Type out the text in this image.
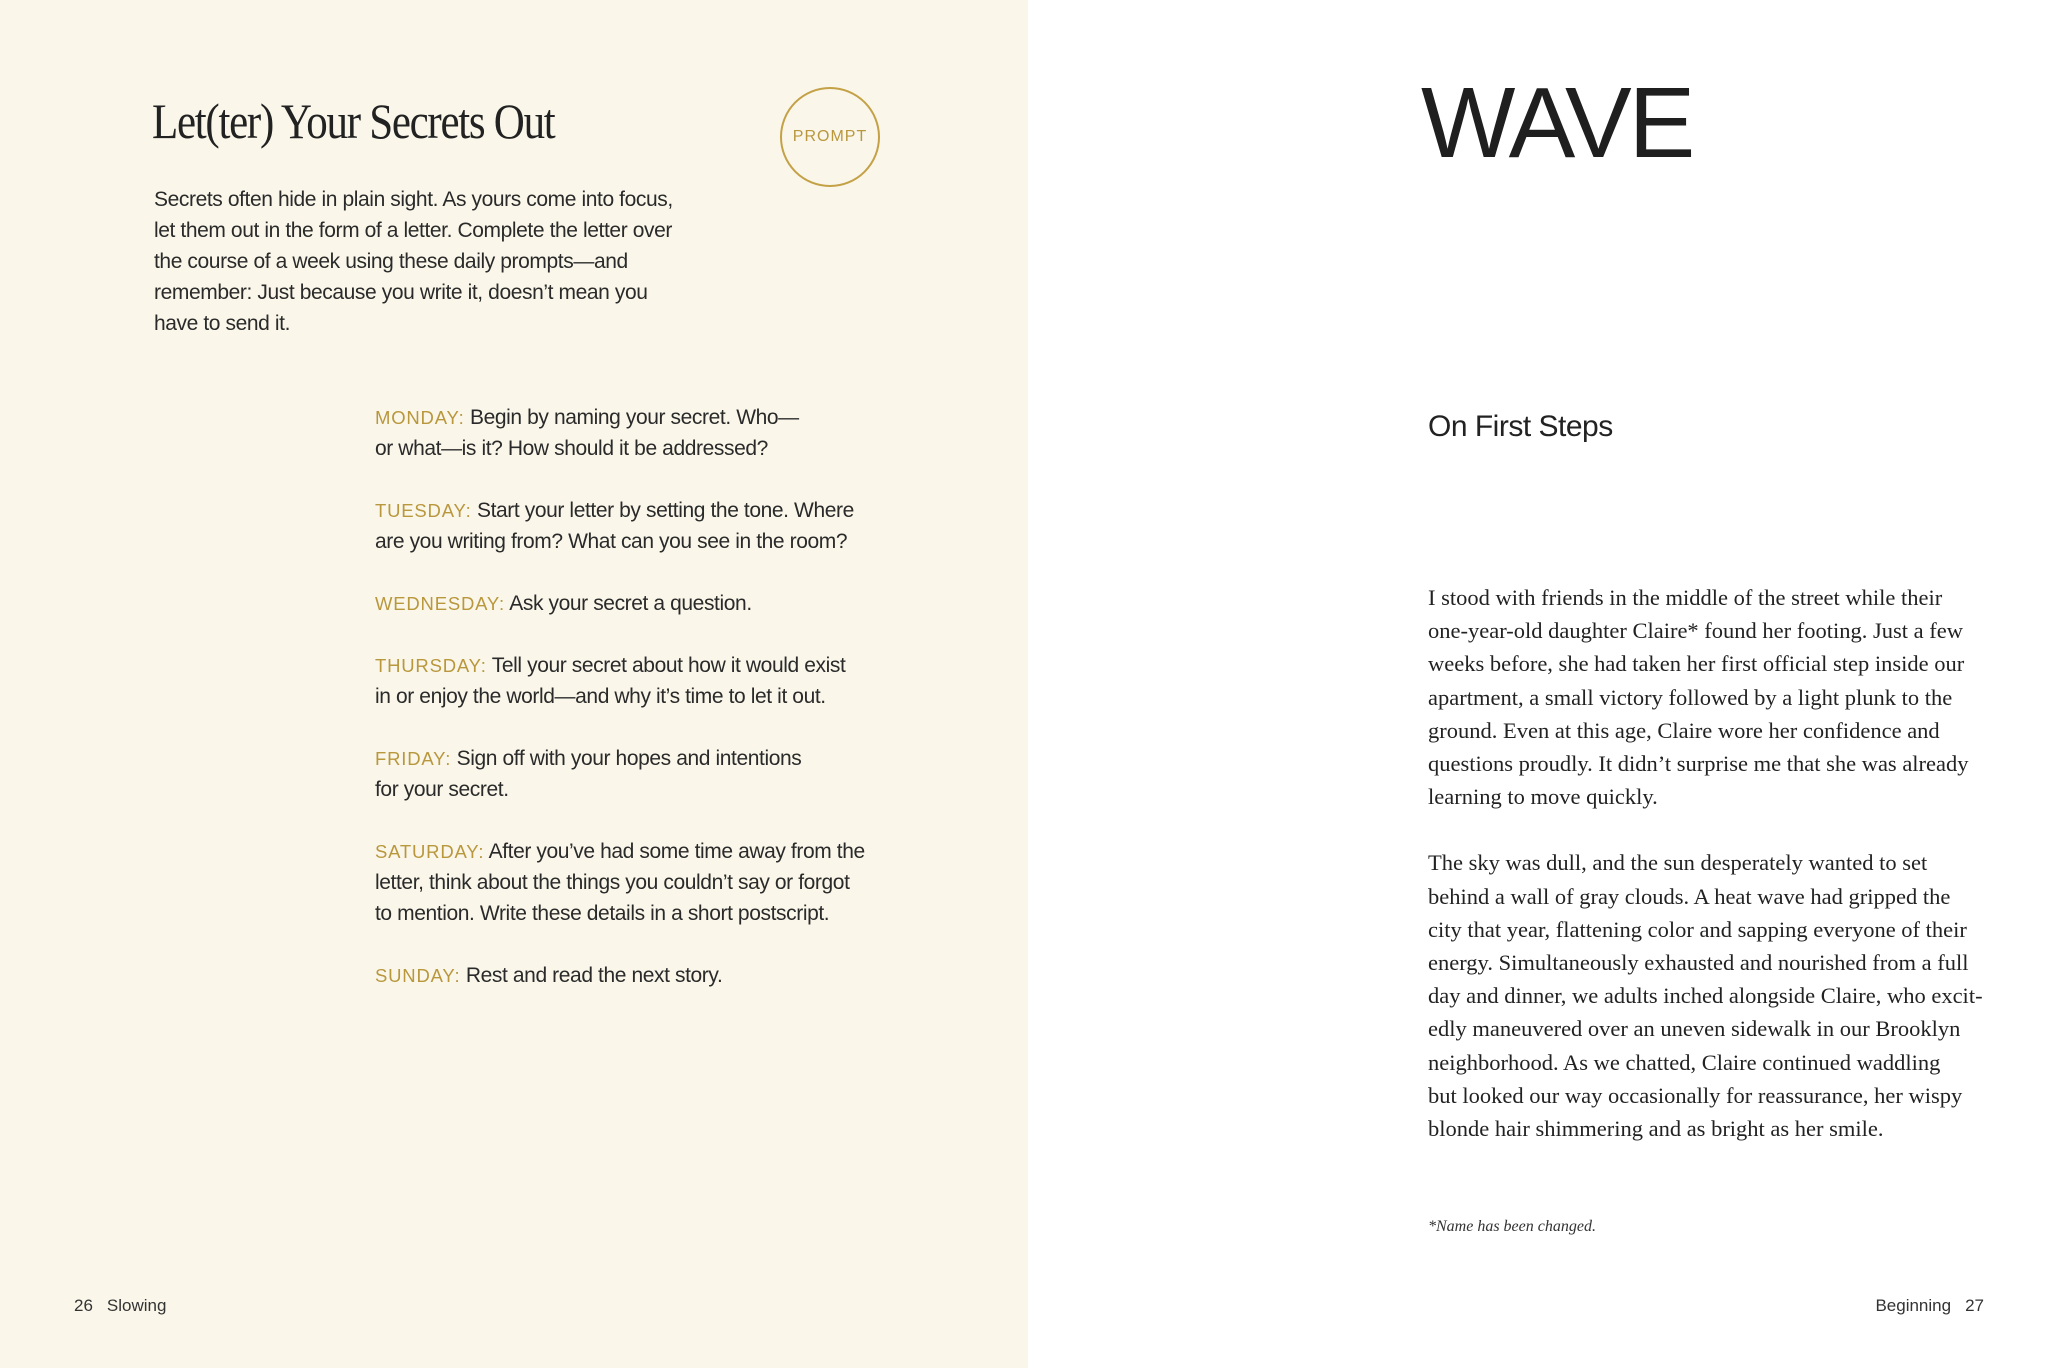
Let(ter) Your Secrets Out	PROMPT
Secrets often hide in plain sight. As yours come into focus,
let them out in the form of a letter. Complete the letter over
the course of a week using these daily prompts—and
remember: Just because you write it, doesn’t mean you
have to send it.
MONDAY: Begin by naming your secret. Who—
or what—is it? How should it be addressed?
TUESDAY: Start your letter by setting the tone. Where
are you writing from? What can you see in the room?
WEDNESDAY: Ask your secret a question.
THURSDAY: Tell your secret about how it would exist
in or enjoy the world—and why it’s time to let it out.
FRIDAY: Sign off with your hopes and intentions
for your secret.
SATURDAY: After you’ve had some time away from the
letter, think about the things you couldn’t say or forgot
to mention. Write these details in a short postscript.
SUNDAY: Rest and read the next story.
26 Slowing
WAVE
On First Steps
I stood with friends in the middle of the street while their
one-year-old daughter Claire* found her footing. Just a few
weeks before, she had taken her first official step inside our
apartment, a small victory followed by a light plunk to the
ground. Even at this age, Claire wore her confidence and
questions proudly. It didn’t surprise me that she was already
learning to move quickly.
The sky was dull, and the sun desperately wanted to set
behind a wall of gray clouds. A heat wave had gripped the
city that year, flattening color and sapping everyone of their
energy. Simultaneously exhausted and nourished from a full
day and dinner, we adults inched alongside Claire, who excit-
edly maneuvered over an uneven sidewalk in our Brooklyn
neighborhood. As we chatted, Claire continued waddling
but looked our way occasionally for reassurance, her wispy
blonde hair shimmering and as bright as her smile.
*Name has been changed.
Beginning 27
